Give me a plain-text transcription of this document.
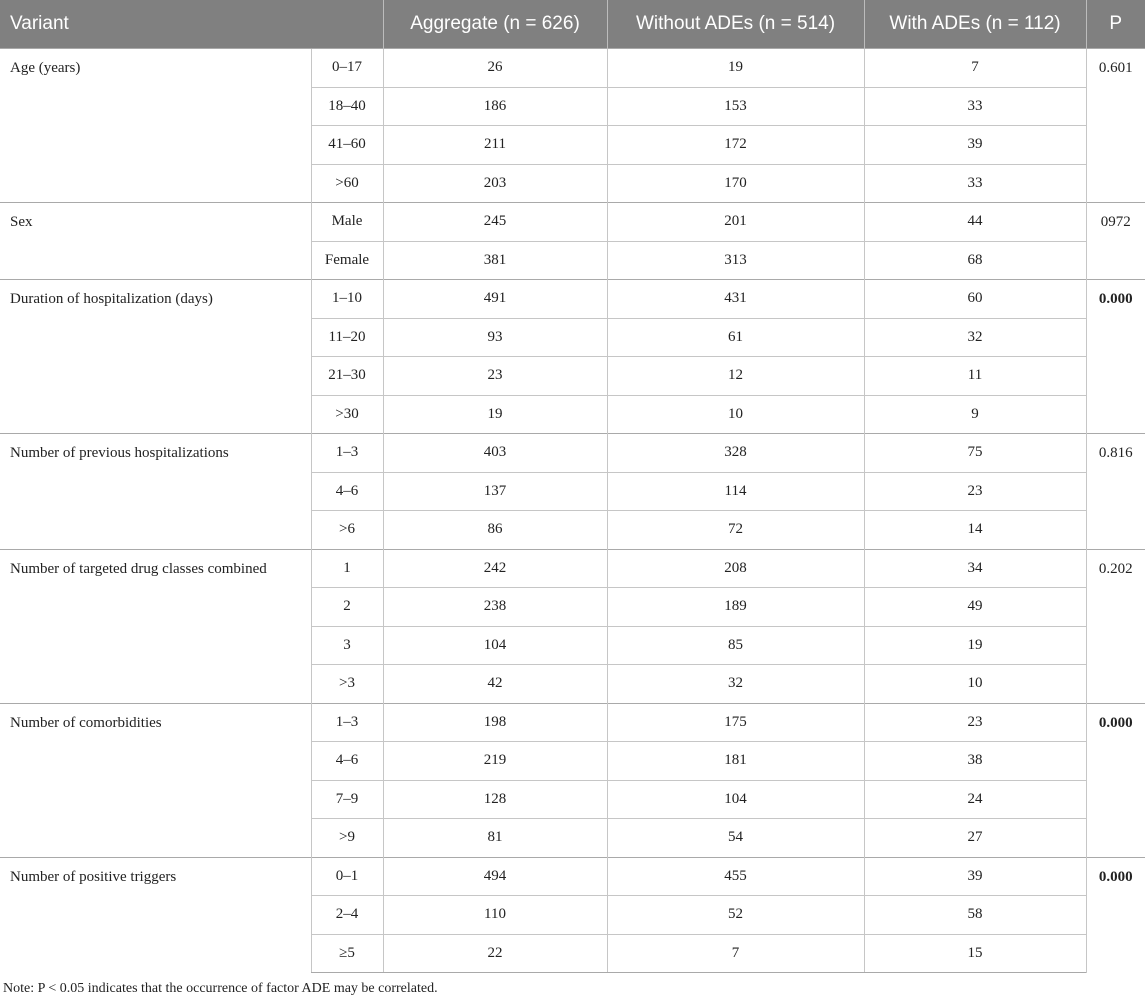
Variant		Aggregate (n = 626)	Without ADEs (n = 514)	With ADEs (n = 112)	P
Age (years)	0–17	26	19	7	0.601
	18–40	186	153	33	
	41–60	211	172	39	
	>60	203	170	33	
Sex	Male	245	201	44	0972
	Female	381	313	68	
Duration of hospitalization (days)	1–10	491	431	60	0.000
	11–20	93	61	32	
	21–30	23	12	11	
	>30	19	10	9	
Number of previous hospitalizations	1–3	403	328	75	0.816
	4–6	137	114	23	
	>6	86	72	14	
Number of targeted drug classes combined	1	242	208	34	0.202
	2	238	189	49	
	3	104	85	19	
	>3	42	32	10	
Number of comorbidities	1–3	198	175	23	0.000
	4–6	219	181	38	
	7–9	128	104	24	
	>9	81	54	27	
Number of positive triggers	0–1	494	455	39	0.000
	2–4	110	52	58	
	≥5	22	7	15	
Note: P < 0.05 indicates that the occurrence of factor ADE may be correlated.
